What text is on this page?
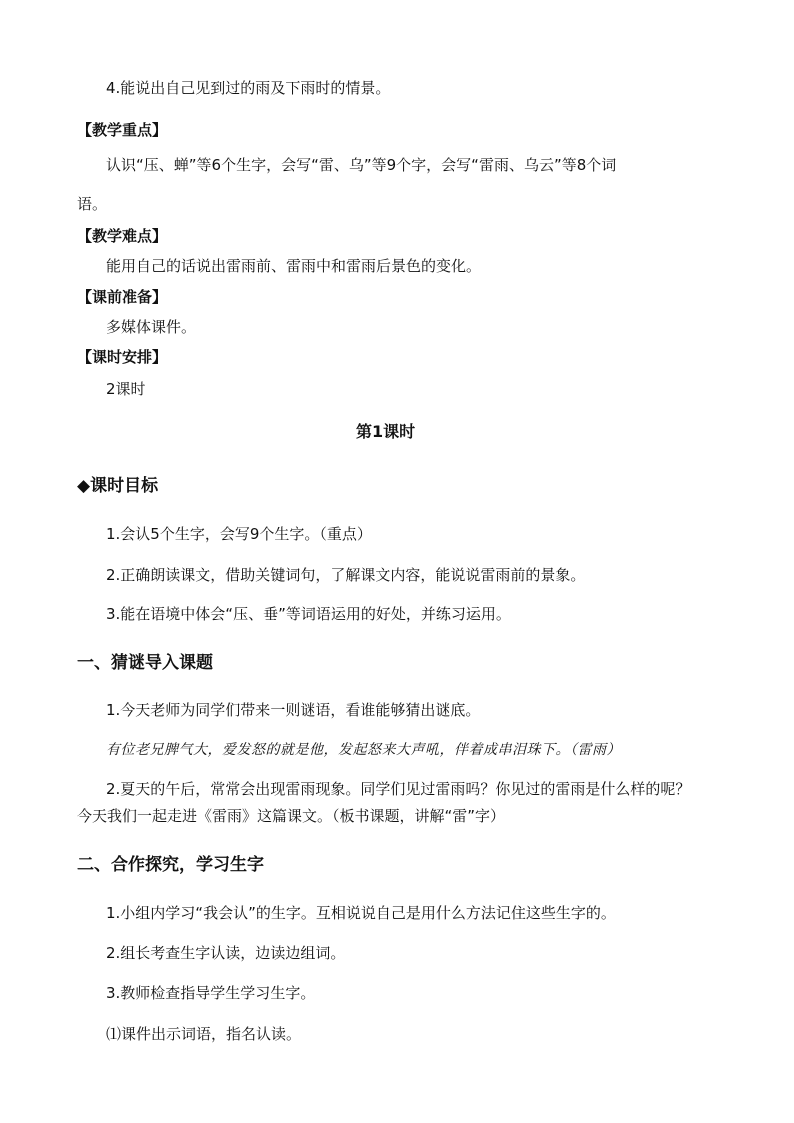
4.能说出自己见到过的雨及下雨时的情景。
【教学重点】
认识“压、蝉”等6个生字，会写“雷、乌”等9个字，会写“雷雨、乌云”等8个词
语。
【教学难点】
能用自己的话说出雷雨前、雷雨中和雷雨后景色的变化。
【课前准备】
多媒体课件。
【课时安排】
2课时
第1课时
◆课时目标
1.会认5个生字，会写9个生字。（重点）
2.正确朗读课文，借助关键词句，了解课文内容，能说说雷雨前的景象。
3.能在语境中体会“压、垂”等词语运用的好处，并练习运用。
一、猜谜导入课题
1.今天老师为同学们带来一则谜语，看谁能够猜出谜底。
有位老兄脾气大，爱发怒的就是他，发起怒来大声吼，伴着成串泪珠下。（雷雨）
2.夏天的午后，常常会出现雷雨现象。同学们见过雷雨吗？你见过的雷雨是什么样的呢？
今天我们一起走进《雷雨》这篇课文。（板书课题，讲解“雷”字）
二、合作探究，学习生字
1.小组内学习“我会认”的生字。互相说说自己是用什么方法记住这些生字的。
2.组长考查生字认读，边读边组词。
3.教师检查指导学生学习生字。
⑴课件出示词语，指名认读。
